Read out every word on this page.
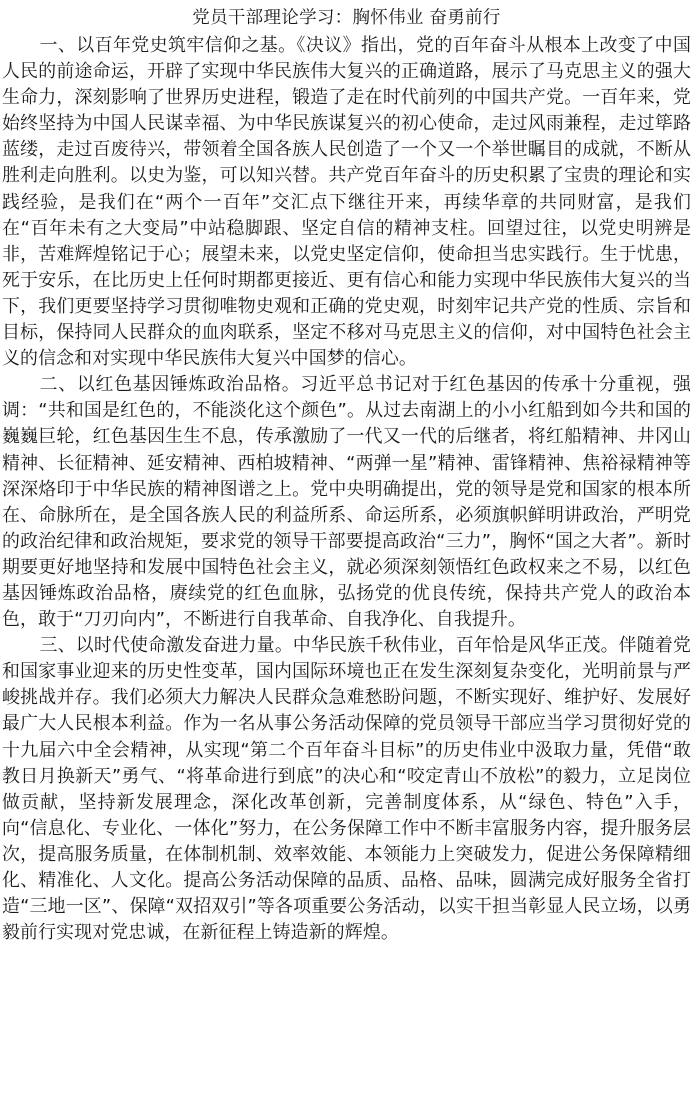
党员干部理论学习：胸怀伟业 奋勇前行

一、以百年党史筑牢信仰之基。《决议》指出，党的百年奋斗从根本上改变了中国人民的前途命运，开辟了实现中华民族伟大复兴的正确道路，展示了马克思主义的强大生命力，深刻影响了世界历史进程，锻造了走在时代前列的中国共产党。一百年来，党始终坚持为中国人民谋幸福、为中华民族谋复兴的初心使命，走过风雨兼程，走过筚路蓝缕，走过百废待兴，带领着全国各族人民创造了一个又一个举世瞩目的成就，不断从胜利走向胜利。以史为鉴，可以知兴替。共产党百年奋斗的历史积累了宝贵的理论和实践经验，是我们在“两个一百年”交汇点下继往开来，再续华章的共同财富，是我们在“百年未有之大变局”中站稳脚跟、坚定自信的精神支柱。回望过往，以党史明辨是非，苦难辉煌铭记于心；展望未来，以党史坚定信仰，使命担当忠实践行。生于忧患，死于安乐，在比历史上任何时期都更接近、更有信心和能力实现中华民族伟大复兴的当下，我们更要坚持学习贯彻唯物史观和正确的党史观，时刻牢记共产党的性质、宗旨和目标，保持同人民群众的血肉联系，坚定不移对马克思主义的信仰，对中国特色社会主义的信念和对实现中华民族伟大复兴中国梦的信心。

二、以红色基因锤炼政治品格。习近平总书记对于红色基因的传承十分重视，强调：“共和国是红色的，不能淡化这个颜色”。从过去南湖上的小小红船到如今共和国的巍巍巨轮，红色基因生生不息，传承激励了一代又一代的后继者，将红船精神、井冈山精神、长征精神、延安精神、西柏坡精神、“两弹一星”精神、雷锋精神、焦裕禄精神等深深烙印于中华民族的精神图谱之上。党中央明确提出，党的领导是党和国家的根本所在、命脉所在，是全国各族人民的利益所系、命运所系，必须旗帜鲜明讲政治，严明党的政治纪律和政治规矩，要求党的领导干部要提高政治“三力”，胸怀“国之大者”。新时期要更好地坚持和发展中国特色社会主义，就必须深刻领悟红色政权来之不易，以红色基因锤炼政治品格，赓续党的红色血脉，弘扬党的优良传统，保持共产党人的政治本色，敢于“刀刃向内”，不断进行自我革命、自我净化、自我提升。

三、以时代使命激发奋进力量。中华民族千秋伟业，百年恰是风华正茂。伴随着党和国家事业迎来的历史性变革，国内国际环境也正在发生深刻复杂变化，光明前景与严峻挑战并存。我们必须大力解决人民群众急难愁盼问题，不断实现好、维护好、发展好最广大人民根本利益。作为一名从事公务活动保障的党员领导干部应当学习贯彻好党的十九届六中全会精神，从实现“第二个百年奋斗目标”的历史伟业中汲取力量，凭借“敢教日月换新天”勇气、“将革命进行到底”的决心和“咬定青山不放松”的毅力，立足岗位做贡献，坚持新发展理念，深化改革创新，完善制度体系，从“绿色、特色”入手，向“信息化、专业化、一体化”努力，在公务保障工作中不断丰富服务内容，提升服务层次，提高服务质量，在体制机制、效率效能、本领能力上突破发力，促进公务保障精细化、精准化、人文化。提高公务活动保障的品质、品格、品味，圆满完成好服务全省打造“三地一区”、保障“双招双引”等各项重要公务活动，以实干担当彰显人民立场，以勇毅前行实现对党忠诚，在新征程上铸造新的辉煌。
